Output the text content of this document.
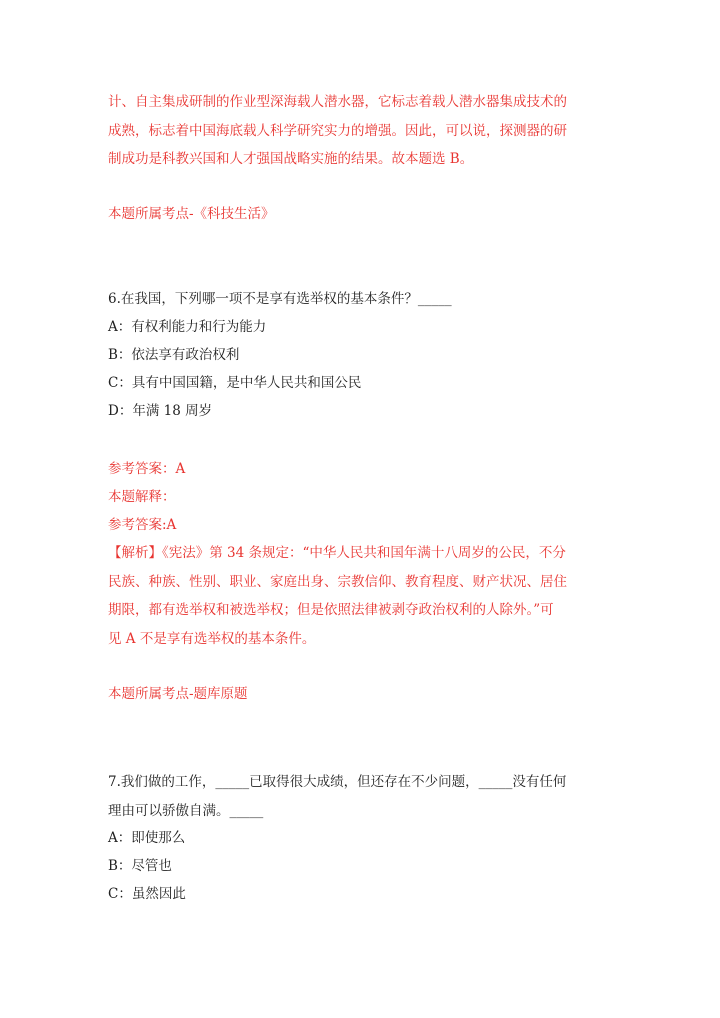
计、自主集成研制的作业型深海载人潜水器，它标志着载人潜水器集成技术的
成熟，标志着中国海底载人科学研究实力的增强。因此，可以说，探测器的研
制成功是科教兴国和人才强国战略实施的结果。故本题选 B。

本题所属考点-《科技生活》

6.在我国，下列哪一项不是享有选举权的基本条件？_____

A：有权利能力和行为能力

B：依法享有政治权利

C：具有中国国籍，是中华人民共和国公民

D：年满 18 周岁

参考答案：A

本题解释：

参考答案:A

【解析】《宪法》第 34 条规定：“中华人民共和国年满十八周岁的公民，不分
民族、种族、性别、职业、家庭出身、宗教信仰、教育程度、财产状况、居住
期限，都有选举权和被选举权；但是依照法律被剥夺政治权利的人除外。”可
见 A 不是享有选举权的基本条件。

本题所属考点-题库原题

7.我们做的工作，_____已取得很大成绩，但还存在不少问题，_____没有任何
理由可以骄傲自满。_____

A：即使那么

B：尽管也

C：虽然因此
